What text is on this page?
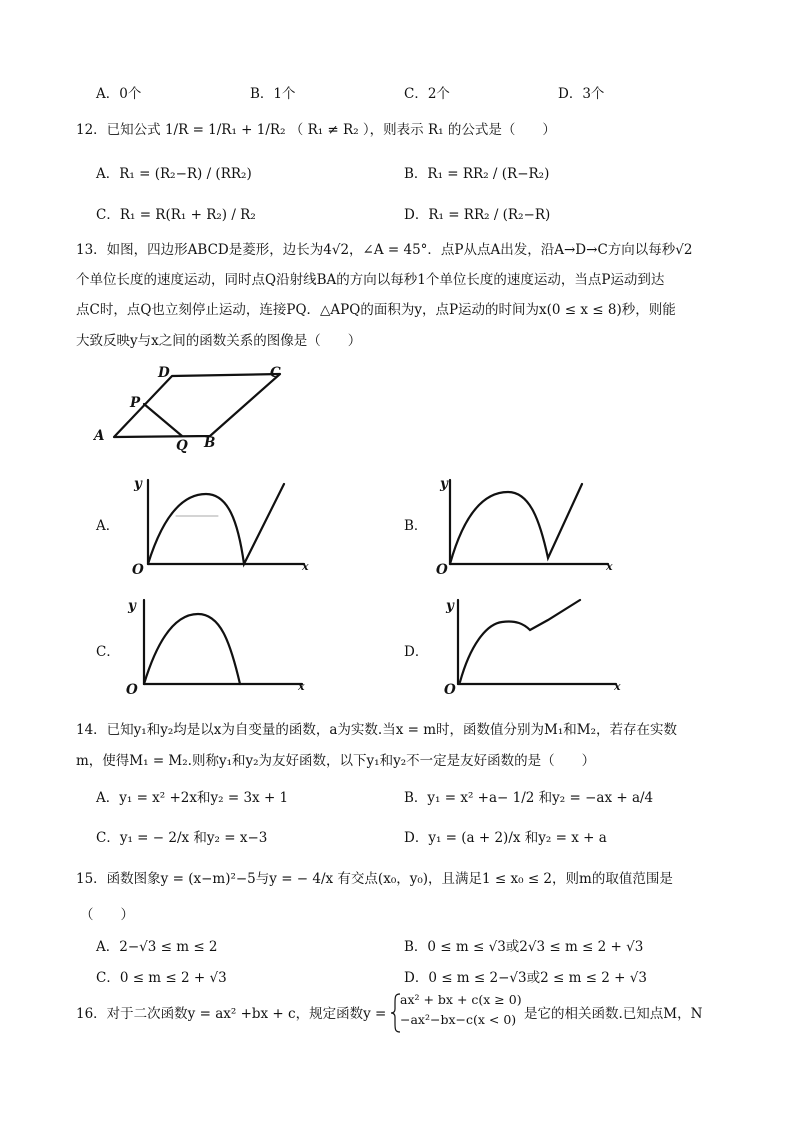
A．0个	B．1个	C．2个	D．3个
12．已知公式 1/R = 1/R₁ + 1/R₂ （ R₁ ≠ R₂ ），则表示 R₁ 的公式是（　　）
A．R₁ = (R₂−R) / (RR₂)	B．R₁ = RR₂ / (R−R₂)
C．R₁ = R(R₁ + R₂) / R₂	D．R₁ = RR₂ / (R₂−R)
13．如图，四边形ABCD是菱形，边长为4√2，∠A = 45°．点P从点A出发，沿A→D→C方向以每秒√2
个单位长度的速度运动，同时点Q沿射线BA的方向以每秒1个单位长度的速度运动，当点P运动到达
点C时，点Q也立刻停止运动，连接PQ．△APQ的面积为y，点P运动的时间为x(0 ≤ x ≤ 8)秒，则能
大致反映y与x之间的函数关系的图像是（　　）
D	C
P
A
Q B
A．	B．
C．	D．
y
O	x
y
O	x
y
O	x
y
O	x
14．已知y₁和y₂均是以x为自变量的函数，a为实数.当x = m时，函数值分别为M₁和M₂，若存在实数
m，使得M₁ = M₂.则称y₁和y₂为友好函数，以下y₁和y₂不一定是友好函数的是（　　）
A．y₁ = x² +2x和y₂ = 3x + 1	B．y₁ = x² +a− 1/2 和y₂ = −ax + a/4
C．y₁ = − 2/x 和y₂ = x−3	D．y₁ = (a + 2)/x 和y₂ = x + a
15．函数图象y = (x−m)²−5与y = − 4/x 有交点(x₀，y₀)，且满足1 ≤ x₀ ≤ 2，则m的取值范围是
（　　）
A．2−√3 ≤ m ≤ 2	B．0 ≤ m ≤ √3或2√3 ≤ m ≤ 2 + √3
C．0 ≤ m ≤ 2 + √3	D．0 ≤ m ≤ 2−√3或2 ≤ m ≤ 2 + √3
16．对于二次函数y = ax² +bx + c，规定函数y =
ax² + bx + c(x ≥ 0)
−ax²−bx−c(x < 0) 是它的相关函数.已知点M，N
